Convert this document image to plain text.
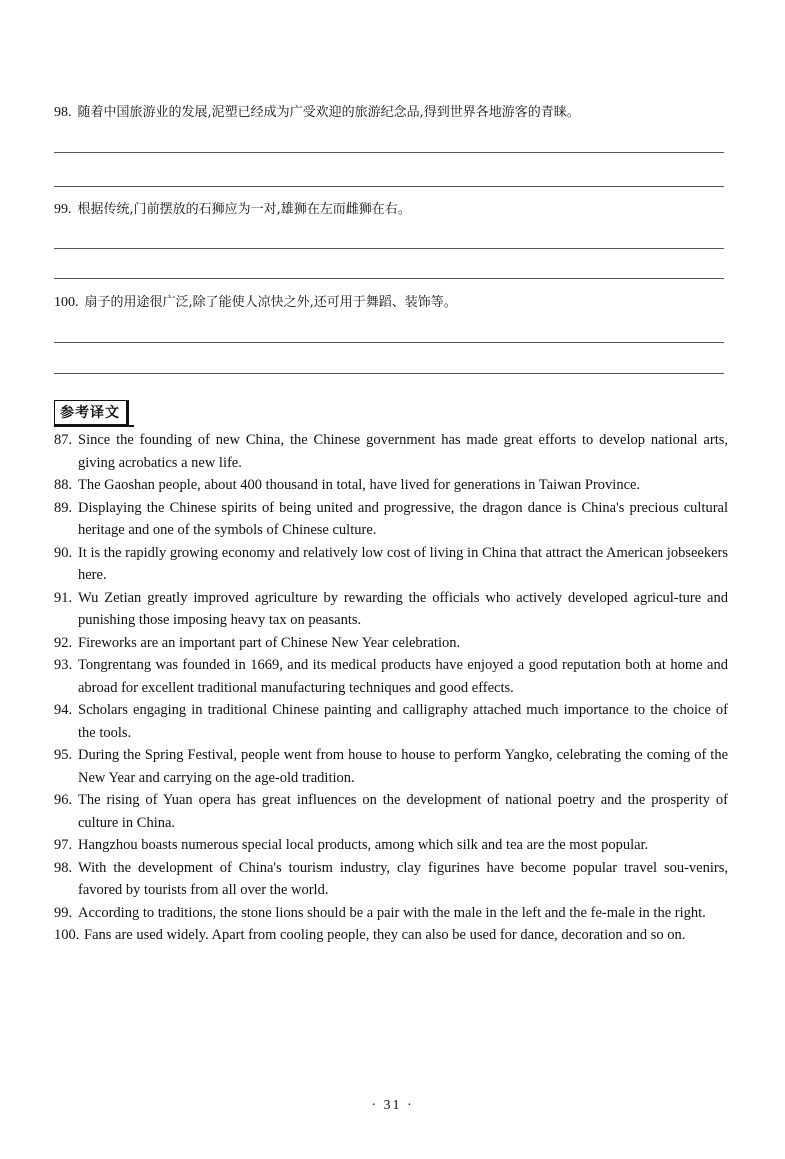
98. 随着中国旅游业的发展,泥塑已经成为广受欢迎的旅游纪念品,得到世界各地游客的青睐。
99. 根据传统,门前摆放的石狮应为一对,雄狮在左而雌狮在右。
100. 扇子的用途很广泛,除了能使人凉快之外,还可用于舞蹈、装饰等。
参考译文
87. Since the founding of new China, the Chinese government has made great efforts to develop national arts, giving acrobatics a new life.
88. The Gaoshan people, about 400 thousand in total, have lived for generations in Taiwan Province.
89. Displaying the Chinese spirits of being united and progressive, the dragon dance is China's precious cultural heritage and one of the symbols of Chinese culture.
90. It is the rapidly growing economy and relatively low cost of living in China that attract the American jobseekers here.
91. Wu Zetian greatly improved agriculture by rewarding the officials who actively developed agricul-ture and punishing those imposing heavy tax on peasants.
92. Fireworks are an important part of Chinese New Year celebration.
93. Tongrentang was founded in 1669, and its medical products have enjoyed a good reputation both at home and abroad for excellent traditional manufacturing techniques and good effects.
94. Scholars engaging in traditional Chinese painting and calligraphy attached much importance to the choice of the tools.
95. During the Spring Festival, people went from house to house to perform Yangko, celebrating the coming of the New Year and carrying on the age-old tradition.
96. The rising of Yuan opera has great influences on the development of national poetry and the prosperity of culture in China.
97. Hangzhou boasts numerous special local products, among which silk and tea are the most popular.
98. With the development of China's tourism industry, clay figurines have become popular travel sou-venirs, favored by tourists from all over the world.
99. According to traditions, the stone lions should be a pair with the male in the left and the fe-male in the right.
100. Fans are used widely. Apart from cooling people, they can also be used for dance, decoration and so on.
· 31 ·
